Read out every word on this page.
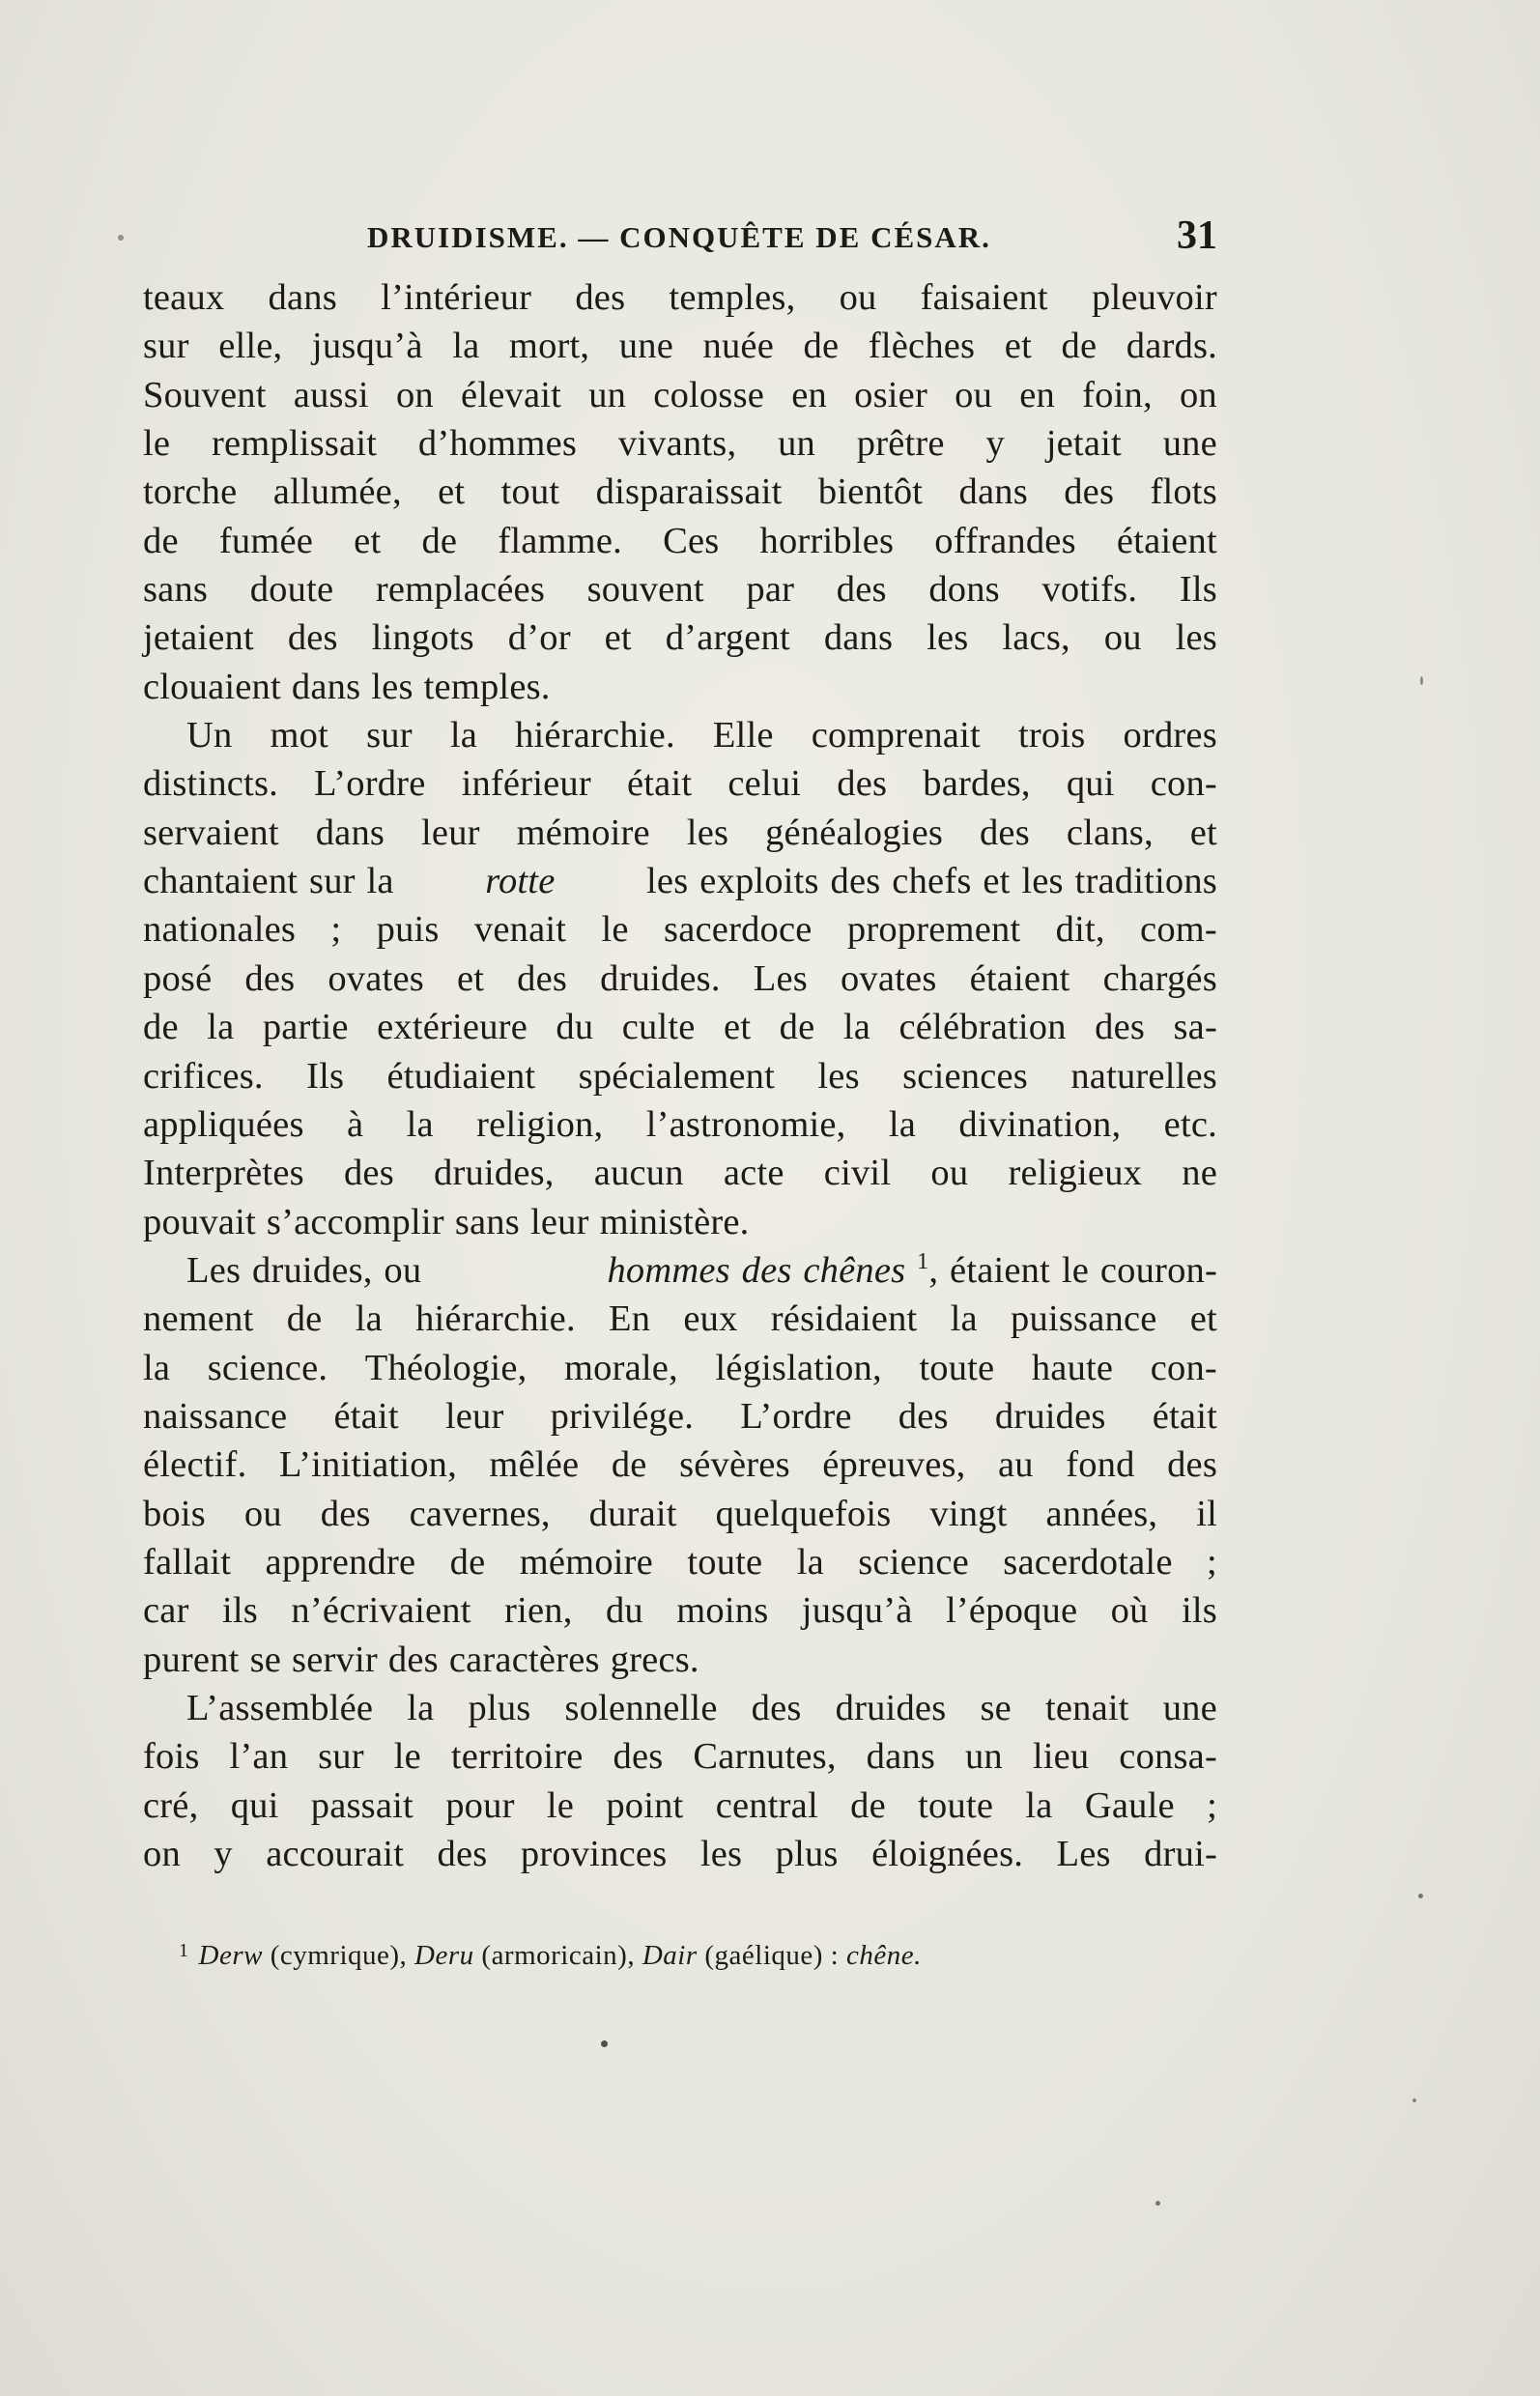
DRUIDISME. — CONQUÊTE DE CÉSAR.	31
teaux dans l’intérieur des temples, ou faisaient pleuvoir
sur elle, jusqu’à la mort, une nuée de flèches et de dards.
Souvent aussi on élevait un colosse en osier ou en foin, on
le remplissait d’hommes vivants, un prêtre y jetait une
torche allumée, et tout disparaissait bientôt dans des flots
de fumée et de flamme. Ces horribles offrandes étaient
sans doute remplacées souvent par des dons votifs. Ils
jetaient des lingots d’or et d’argent dans les lacs, ou les
clouaient dans les temples.
Un mot sur la hiérarchie. Elle comprenait trois ordres
distincts. L’ordre inférieur était celui des bardes, qui con-
servaient dans leur mémoire les généalogies des clans, et
chantaient sur la rotte les exploits des chefs et les traditions
nationales ; puis venait le sacerdoce proprement dit, com-
posé des ovates et des druides. Les ovates étaient chargés
de la partie extérieure du culte et de la célébration des sa-
crifices. Ils étudiaient spécialement les sciences naturelles
appliquées à la religion, l’astronomie, la divination, etc.
Interprètes des druides, aucun acte civil ou religieux ne
pouvait s’accomplir sans leur ministère.
Les druides, ou	hommes des chênes $^1$, étaient le couron-
nement de la hiérarchie. En eux résidaient la puissance et
la science. Théologie, morale, législation, toute haute con-
naissance était leur privilége. L’ordre des druides était
électif. L’initiation, mêlée de sévères épreuves, au fond des
bois ou des cavernes, durait quelquefois vingt années, il
fallait apprendre de mémoire toute la science sacerdotale ;
car ils n’écrivaient rien, du moins jusqu’à l’époque où ils
purent se servir des caractères grecs.
L’assemblée la plus solennelle des druides se tenait une
fois l’an sur le territoire des Carnutes, dans un lieu consa-
cré, qui passait pour le point central de toute la Gaule ;
on y accourait des provinces les plus éloignées. Les drui-
$^1$ Derw (cymrique), Deru (armoricain), Dair (gaélique) : chêne.
